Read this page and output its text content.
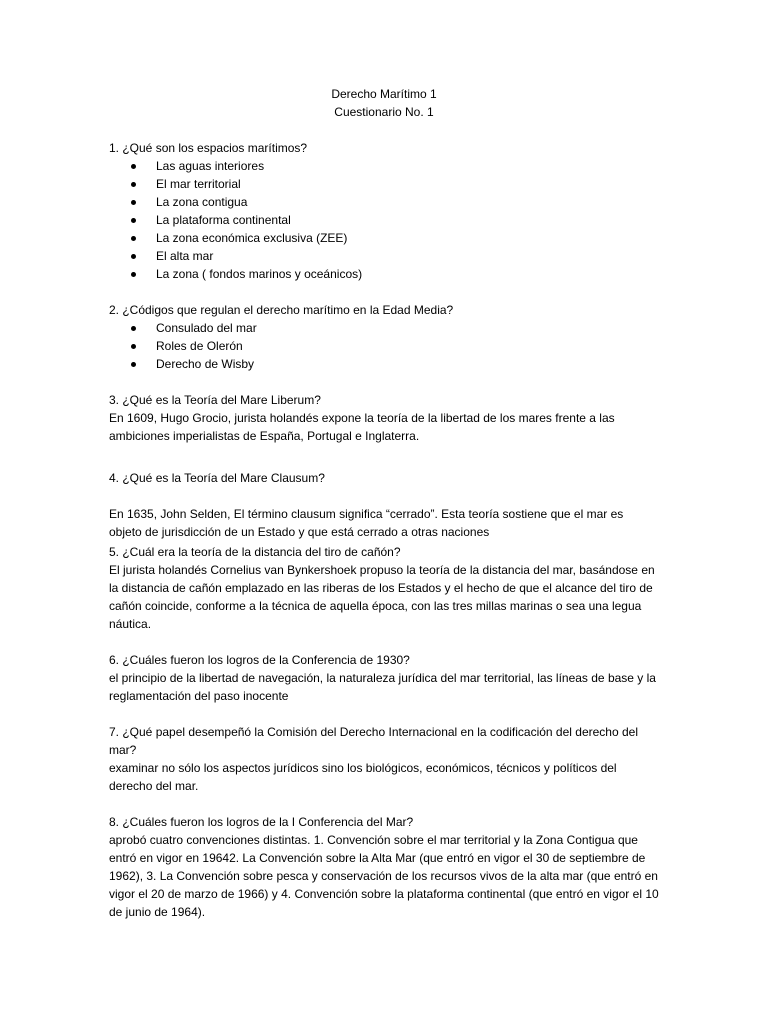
Derecho Marítimo 1
Cuestionario No. 1
1. ¿Qué son los espacios marítimos?
Las aguas interiores
El mar territorial
La zona contigua
La plataforma continental
La zona económica exclusiva (ZEE)
El alta mar
La zona ( fondos marinos y oceánicos)
2. ¿Códigos que regulan el derecho marítimo en la Edad Media?
Consulado del mar
Roles de Olerón
Derecho de Wisby
3. ¿Qué es la Teoría del Mare Liberum?
En 1609, Hugo Grocio, jurista holandés expone la teoría de la libertad de los mares frente a las ambiciones imperialistas de España, Portugal e Inglaterra.
4. ¿Qué es la Teoría del Mare Clausum?
En 1635, John Selden, El término clausum significa “cerrado”. Esta teoría sostiene que el mar es objeto de jurisdicción de un Estado y que está cerrado a otras naciones
5. ¿Cuál era la teoría de la distancia del tiro de cañón?
El jurista holandés Cornelius van Bynkershoek propuso la teoría de la distancia del mar, basándose en la distancia de cañón emplazado en las riberas de los Estados y el hecho de que el alcance del tiro de cañón coincide, conforme a la técnica de aquella época, con las tres millas marinas o sea una legua náutica.
6. ¿Cuáles fueron los logros de la Conferencia de 1930?
el principio de la libertad de navegación, la naturaleza jurídica del mar territorial, las líneas de base y la reglamentación del paso inocente
7. ¿Qué papel desempeñó la Comisión del Derecho Internacional en la codificación del derecho del mar?
examinar no sólo los aspectos jurídicos sino los biológicos, económicos, técnicos y políticos del derecho del mar.
8. ¿Cuáles fueron los logros de la I Conferencia del Mar?
aprobó cuatro convenciones distintas. 1. Convención sobre el mar territorial y la Zona Contigua que entró en vigor en 19642. La Convención sobre la Alta Mar (que entró en vigor el 30 de septiembre de 1962), 3. La Convención sobre pesca y conservación de los recursos vivos de la alta mar (que entró en vigor el 20 de marzo de 1966) y 4. Convención sobre la plataforma continental (que entró en vigor el 10 de junio de 1964).
